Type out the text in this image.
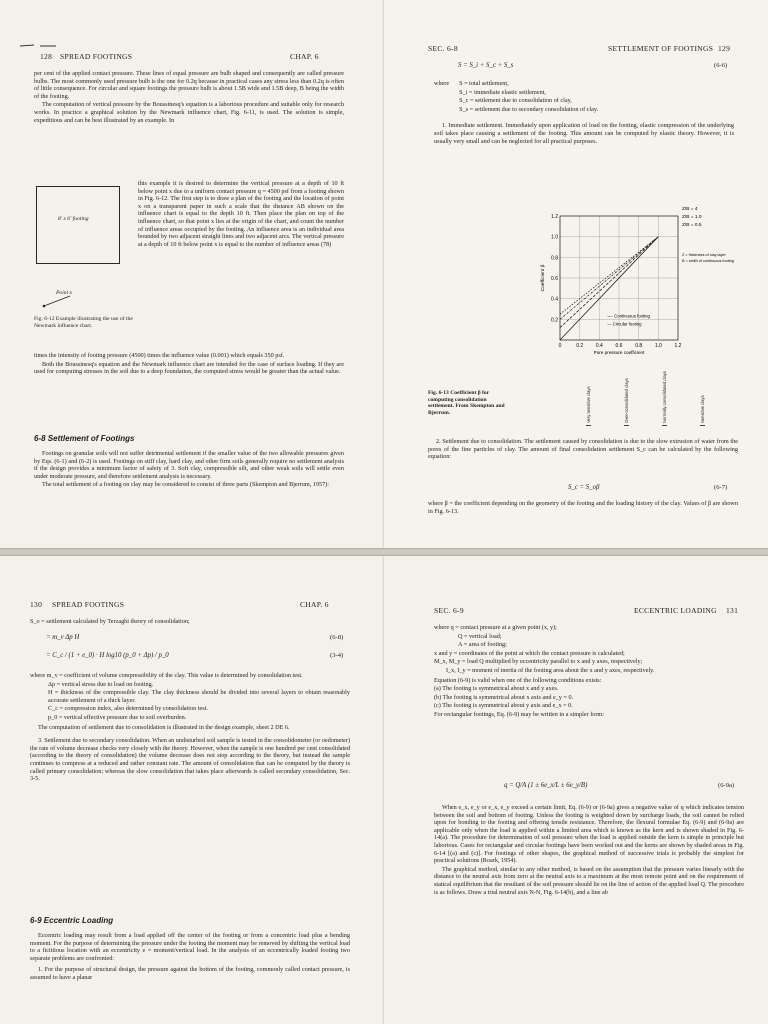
128 SPREAD FOOTINGS	CHAP. 6

per cent of the applied contact pressure. These lines of equal pressure are bulb shaped and consequently are called pressure bulbs. The most commonly used pressure bulb is the one for 0.2q because in practical cases any stress less than 0.2q is often of little consequence. For circular and square footings the pressure bulb is about 1.5B wide and 1.5B deep, B being the width of the footing.

The computation of vertical pressure by the Boussinesq's equation is a laborious procedure and suitable only for research works. In practice a graphical solution by the Newmark influence chart, Fig. 6-11, is used. The solution is simple, expeditious and can be best illustrated by an example. In

8' x 6' footing
Point x
Fig. 6-12 Example illustrating the use of the Newmark influence chart.

this example it is desired to determine the vertical pressure at a depth of 10 ft below point x due to a uniform contact pressure q = 4500 psf from a footing shown in Fig. 6-12. The first step is to draw a plan of the footing and the location of point x on a transparent paper in such a scale that the distance AB shown on the influence chart is equal to the depth 10 ft. Then place the plan on top of the influence chart, so that point x lies at the origin of the chart, and count the number of influence areas occupied by the footing. An influence area is an individual area bounded by two adjacent straight lines and two adjacent arcs. The vertical pressure at a depth of 10 ft below point x is equal to the number of influence areas (78)

times the intensity of footing pressure (4500) times the influence value (0.001) which equals 350 psf.

Both the Boussinesq's equation and the Newmark influence chart are intended for the case of surface loading. If they are used for computing stresses in the soil due to a deep foundation, the computed stress would be greater than the actual value.

6-8 Settlement of Footings

Footings on granular soils will not suffer detrimental settlement if the smaller value of the two allowable pressures given by Eqs. (6-1) and (6-2) is used. Footings on stiff clay, hard clay, and other firm soils generally require no settlement analysis if the design provides a minimum factor of safety of 3. Soft clay, compressible silt, and other weak soils will settle even under moderate pressure, and therefore settlement analysis is necessary.

The total settlement of a footing on clay may be considered to consist of three parts (Skempton and Bjerrum, 1957):

SEC. 6-8	SETTLEMENT OF FOOTINGS 129
S = S_i + S_c + S_s	(6-6)
where S = total settlement,
S_i = immediate elastic settlement,
S_c = settlement due to consolidation of clay,
S_s = settlement due to secondary consolidation of clay.

1. Immediate settlement. Immediately upon application of load on the footing, elastic compression of the underlying soil takes place causing a settlement of the footing. This amount can be computed by elastic theory. However, it is usually very small and can be neglected for all practical purposes.

0	0.2	0.4	0.6	0.8	1.0	1.2
0.2
0.4
0.6
0.8
1.0
1.2
Pore pressure coefficient
Coefficient β
Z/B = 4
Z/B = 1.0
Z/B = 0.5
Z = thickness of clay layer
B = width of continuous footing
---- Continuous footing
--- Circular footing
Very sensitive clays	Over-consolidated clays	Normally consolidated clays	Sensitive clays
Fig. 6-13 Coefficient β for computing consolidation settlement. From Skempton and Bjerrum.

2. Settlement due to consolidation. The settlement caused by consolidation is due to the slow extrusion of water from the pores of the fine particles of clay. The amount of final consolidation settlement S_c can be calculated by the following equation:

S_c = S_oβ	(6-7)

where β = the coefficient depending on the geometry of the footing and the loading history of the clay. Values of β are shown in Fig. 6-13.

130 SPREAD FOOTINGS	CHAP. 6

S_o = settlement calculated by Terzaghi theory of consolidation;

= m_v Δp H	(6-8)
= C_c / (1 + e_0) · H log10 (p_0 + Δp) / p_0	(3-4)
where m_v = coefficient of volume compressibility of the clay. This value is determined by consolidation test.
Δp = vertical stress due to load on footing.
H = thickness of the compressible clay. The clay thickness should be divided into several layers to obtain reasonably accurate settlement of a thick layer.
C_c = compression index, also determined by consolidation test.
p_0 = vertical effective pressure due to soil overburden.

The computation of settlement due to consolidation is illustrated in the design example, sheet 2 DE 6.

3. Settlement due to secondary consolidation. When an undisturbed soil sample is tested in the consolidometer (or oedometer) the rate of volume decrease checks very closely with the theory. However, when the sample is one hundred per cent consolidated (according to the theory of consolidation) the volume decrease does not stop according to the theory, but instead the sample continues to compress at a reduced and rather constant rate. The amount of consolidation that can be computed by the theory is called primary consolidation; whereas the slow consolidation that takes place afterwards is called secondary consolidation, Sec. 3-5.

6-9 Eccentric Loading

Eccentric loading may result from a load applied off the center of the footing or from a concentric load plus a bending moment. For the purpose of determining the pressure under the footing the moment may be removed by shifting the vertical load to a fictitious location with an eccentricity e = moment/vertical load. In the analysis of an eccentrically loaded footing two separate problems are confronted:

1. For the purpose of structural design, the pressure against the bottom of the footing, commonly called contact pressure, is assumed to have a planar

SEC. 6-9	ECCENTRIC LOADING 131
where q = contact pressure at a given point (x, y);
Q = vertical load;
A = area of footing;
x and y = coordinates of the point at which the contact pressure is calculated;
M_x, M_y = load Q multiplied by eccentricity parallel to x and y axes, respectively;
I_x, I_y = moment of inertia of the footing area about the x and y axes, respectively.

Equation (6-9) is valid when one of the following conditions exists:

(a) The footing is symmetrical about x and y axes.

(b) The footing is symmetrical about x axis and e_y = 0.

(c) The footing is symmetrical about y axis and e_x = 0.

For rectangular footings, Eq. (6-9) may be written in a simpler form:

q = Q/A (1 ± 6e_x/L ± 6e_y/B)	(6-9a)

When e_x, e_y or e_x, e_y exceed a certain limit, Eq. (6-9) or (6-9a) gives a negative value of q which indicates tension between the soil and bottom of footing. Unless the footing is weighted down by surcharge loads, the soil cannot be relied upon for bonding to the footing and offering tensile resistance. Therefore, the flexural formulae Eq. (6-9) and (6-9a) are applicable only when the load is applied within a limited area which is known as the kern and is shown shaded in Fig. 6-14(a). The procedure for determination of soil pressure when the load is applied outside the kern is simple in principle but laborious. Cases for rectangular and circular footings have been worked out and the kerns are shown by shaded areas in Fig. 6-14 [(a) and (c)]. For footings of other shapes, the graphical method of successive trials is probably the simplest for practical solutions (Roark, 1954).

The graphical method, similar to any other method, is based on the assumption that the pressure varies linearly with the distance to the neutral axis from zero at the neutral axis to a maximum at the most remote point and on the requirement of statical equilibrium that the resultant of the soil pressure should lie on the line of action of the applied load Q. The procedure is as follows. Draw a trial neutral axis N-N, Fig. 6-14(b), and a line ab
